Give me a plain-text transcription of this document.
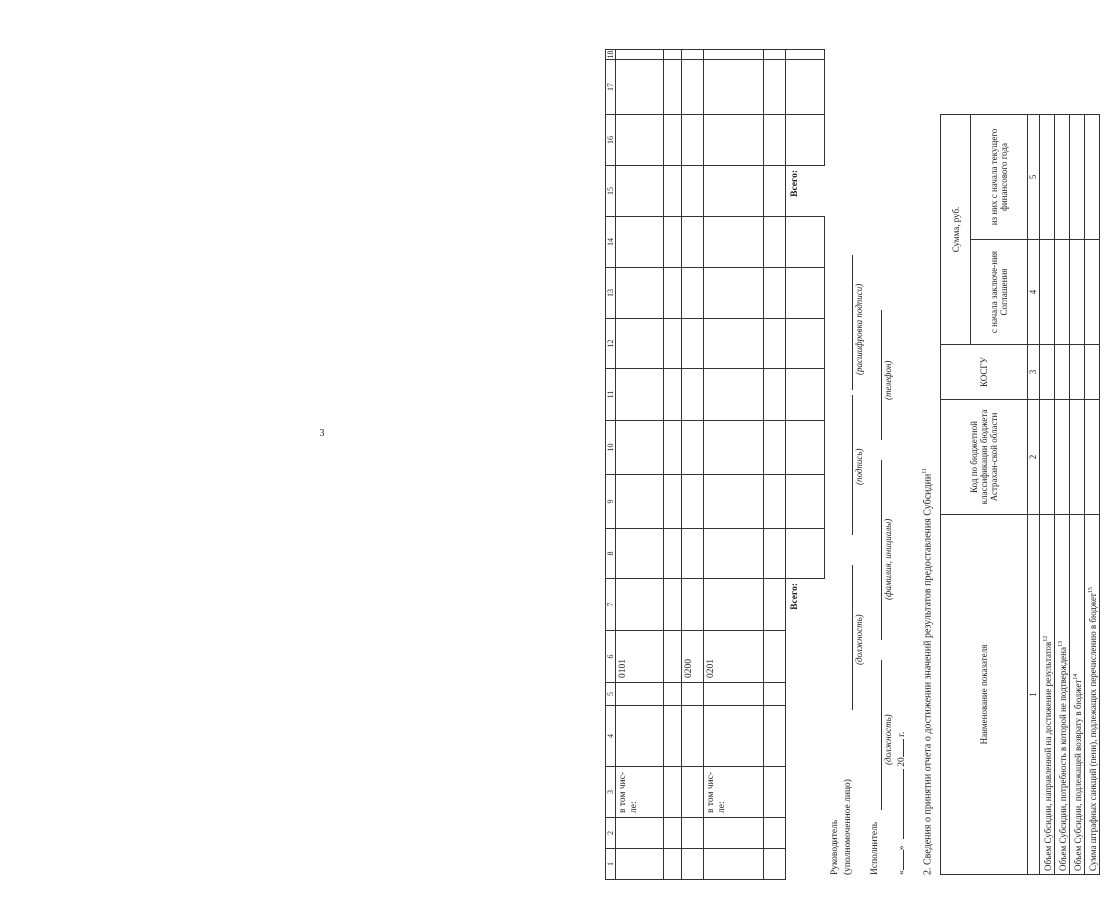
3
1	2	3	4	5	6	7	8	9	10	11	12	13	14	15	16	17	18
		в том чис-ле:			0101												

					0200												
		в том чис-ле:			0201												

						Всего:								Всего:			
Руководитель (уполномоченное лицо)
(должность)
(подпись)
(расшифровка подписи)
Исполнитель
(должность)
(фамилия, инициалы)
(телефон)
«»  20 г. 2. Сведения о принятии отчета о достижении значений результатов предоставления Субсидии$^{11}$
Наименование показателя	Код по бюджетной классификации бюджета Астрахан-ской области	КОСГУ	Сумма, руб.		
			с начала заключе-ния Соглашения	из них с начала текущего финансового года	
1	2	3	4	5	
Объем Субсидии, направленной на достижение результатов$^{12}$				
Объем Субсидии, потребность в которой не подтверждена$^{13}$				
Объем Субсидии, подлежащей возврату в бюджет$^{14}$				
Сумма штрафных санкций (пени), подлежащих перечислению в бюджет$^{15}$				
